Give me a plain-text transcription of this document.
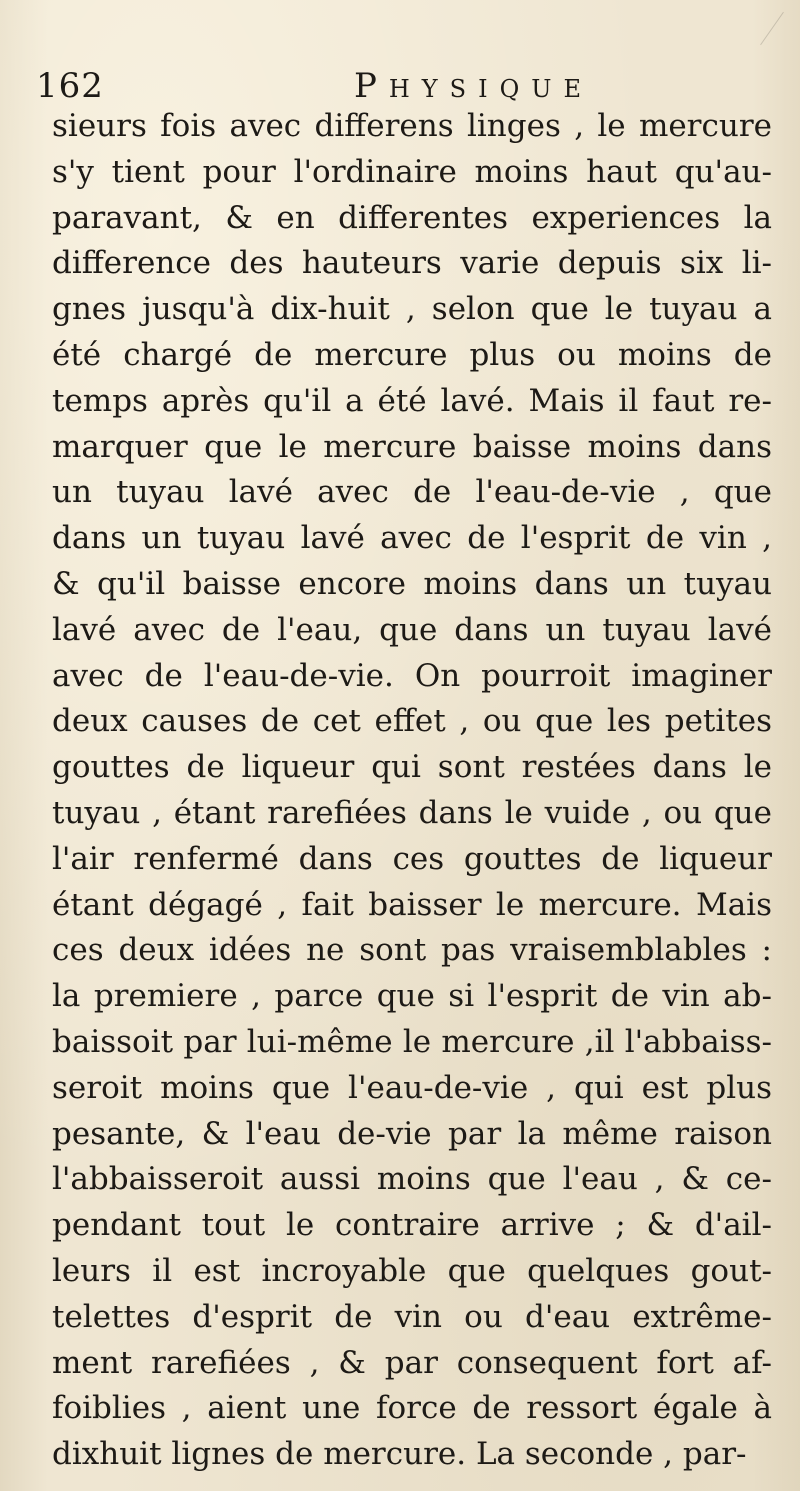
162	Physique
sieurs fois avec differens linges , le mercure
s'y tient pour l'ordinaire moins haut qu'au-
paravant, & en differentes experiences la
difference des hauteurs varie depuis six li-
gnes jusqu'à dix-huit , selon que le tuyau a
été chargé de mercure plus ou moins de
temps après qu'il a été lavé. Mais il faut re-
marquer que le mercure baisse moins dans
un tuyau lavé avec de l'eau-de-vie , que
dans un tuyau lavé avec de l'esprit de vin ,
& qu'il baisse encore moins dans un tuyau
lavé avec de l'eau, que dans un tuyau lavé
avec de l'eau-de-vie. On pourroit imaginer
deux causes de cet effet , ou que les petites
gouttes de liqueur qui sont restées dans le
tuyau , étant rarefiées dans le vuide , ou que
l'air renfermé dans ces gouttes de liqueur
étant dégagé , fait baisser le mercure. Mais
ces deux idées ne sont pas vraisemblables :
la premiere , parce que si l'esprit de vin ab-
baissoit par lui-même le mercure ,il l'abbaiss-
seroit moins que l'eau-de-vie , qui est plus
pesante, & l'eau de-vie par la même raison
l'abbaisseroit aussi moins que l'eau , & ce-
pendant tout le contraire arrive ; & d'ail-
leurs il est incroyable que quelques gout-
telettes d'esprit de vin ou d'eau extrême-
ment rarefiées , & par consequent fort af-
foiblies , aient une force de ressort égale à
dixhuit lignes de mercure. La seconde , par-
